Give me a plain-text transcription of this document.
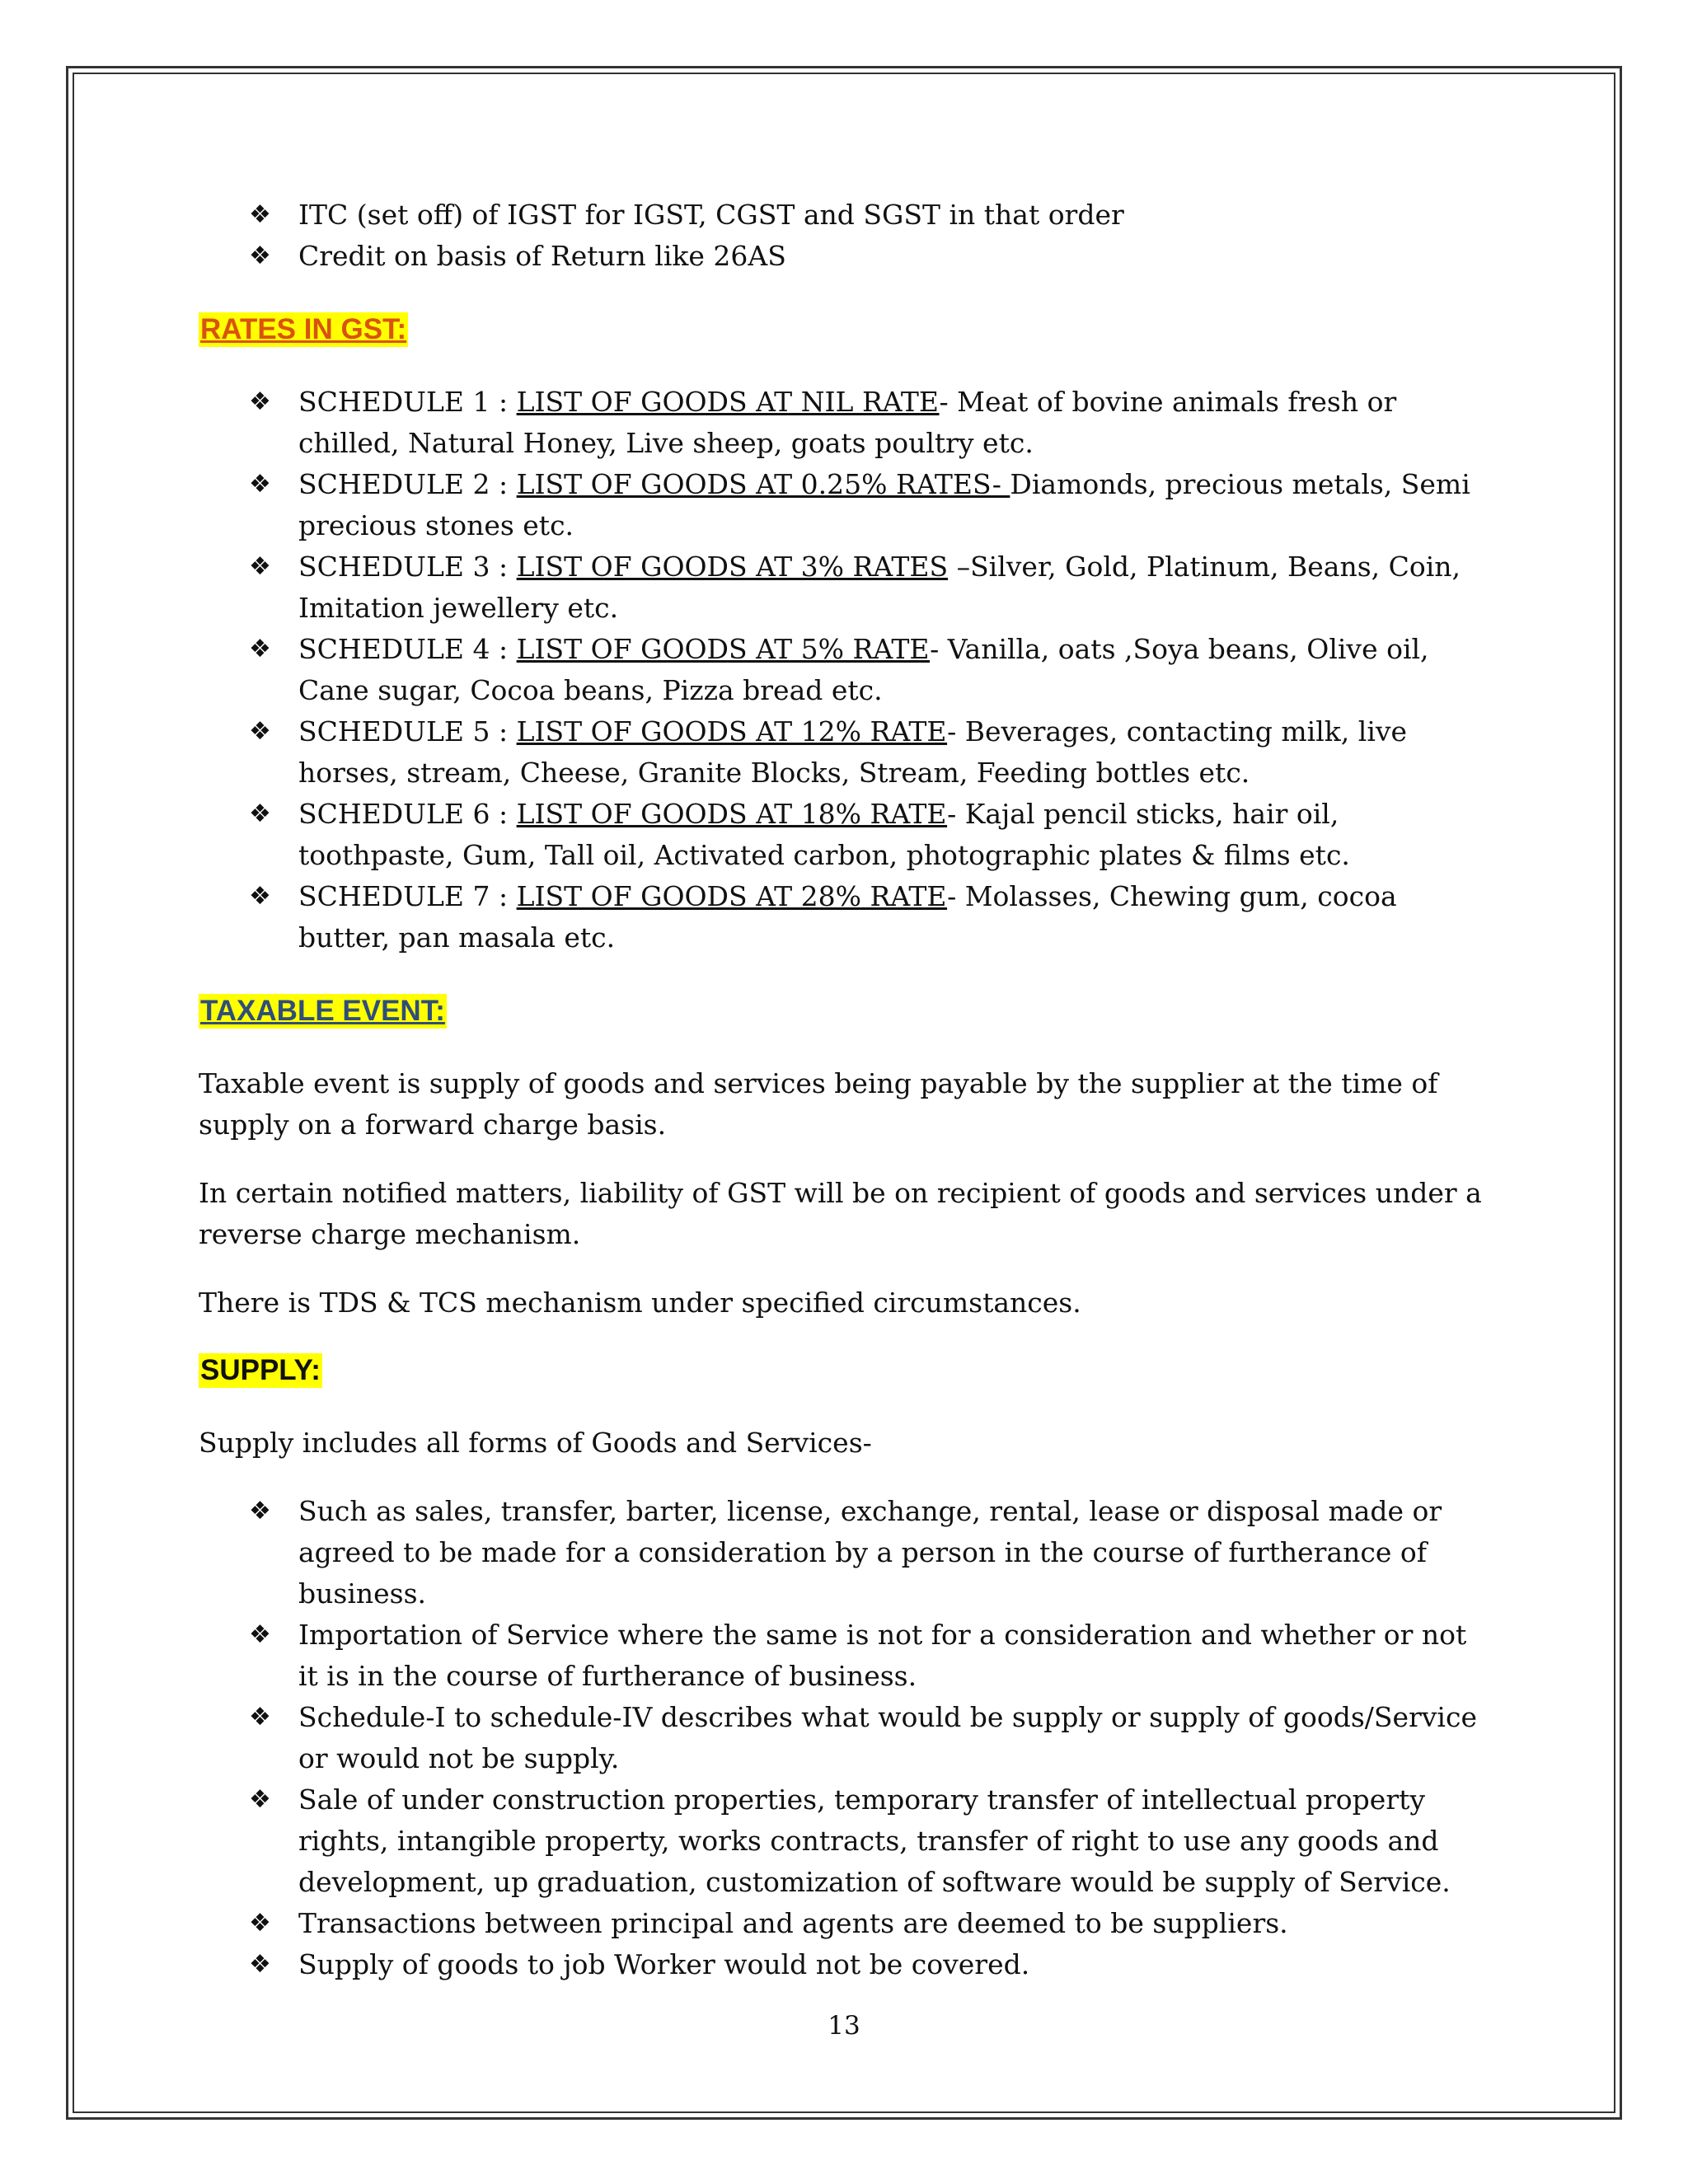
❖ ITC (set off) of IGST for IGST, CGST and SGST in that order
❖ Credit on basis of Return like 26AS
RATES IN GST:
❖ SCHEDULE 1 : LIST OF GOODS AT NIL RATE- Meat of bovine animals fresh or chilled, Natural Honey, Live sheep, goats poultry etc.
❖ SCHEDULE 2 : LIST OF GOODS AT 0.25% RATES- Diamonds, precious metals, Semi precious stones etc.
❖ SCHEDULE 3 : LIST OF GOODS AT 3% RATES –Silver, Gold, Platinum, Beans, Coin, Imitation jewellery etc.
❖ SCHEDULE 4 : LIST OF GOODS AT 5% RATE- Vanilla, oats ,Soya beans, Olive oil, Cane sugar, Cocoa beans, Pizza bread etc.
❖ SCHEDULE 5 : LIST OF GOODS AT 12% RATE- Beverages, contacting milk, live horses, stream, Cheese, Granite Blocks, Stream, Feeding bottles etc.
❖ SCHEDULE 6 : LIST OF GOODS AT 18% RATE- Kajal pencil sticks, hair oil, toothpaste, Gum, Tall oil, Activated carbon, photographic plates & films etc.
❖ SCHEDULE 7 : LIST OF GOODS AT 28% RATE- Molasses, Chewing gum, cocoa butter, pan masala etc.
TAXABLE EVENT:

Taxable event is supply of goods and services being payable by the supplier at the time of supply on a forward charge basis.

In certain notified matters, liability of GST will be on recipient of goods and services under a reverse charge mechanism.

There is TDS & TCS mechanism under specified circumstances.

SUPPLY:

Supply includes all forms of Goods and Services-

❖ Such as sales, transfer, barter, license, exchange, rental, lease or disposal made or agreed to be made for a consideration by a person in the course of furtherance of business.
❖ Importation of Service where the same is not for a consideration and whether or not it is in the course of furtherance of business.
❖ Schedule-I to schedule-IV describes what would be supply or supply of goods/Service or would not be supply.
❖ Sale of under construction properties, temporary transfer of intellectual property rights, intangible property, works contracts, transfer of right to use any goods and development, up graduation, customization of software would be supply of Service.
❖ Transactions between principal and agents are deemed to be suppliers.
❖ Supply of goods to job Worker would not be covered.
13
